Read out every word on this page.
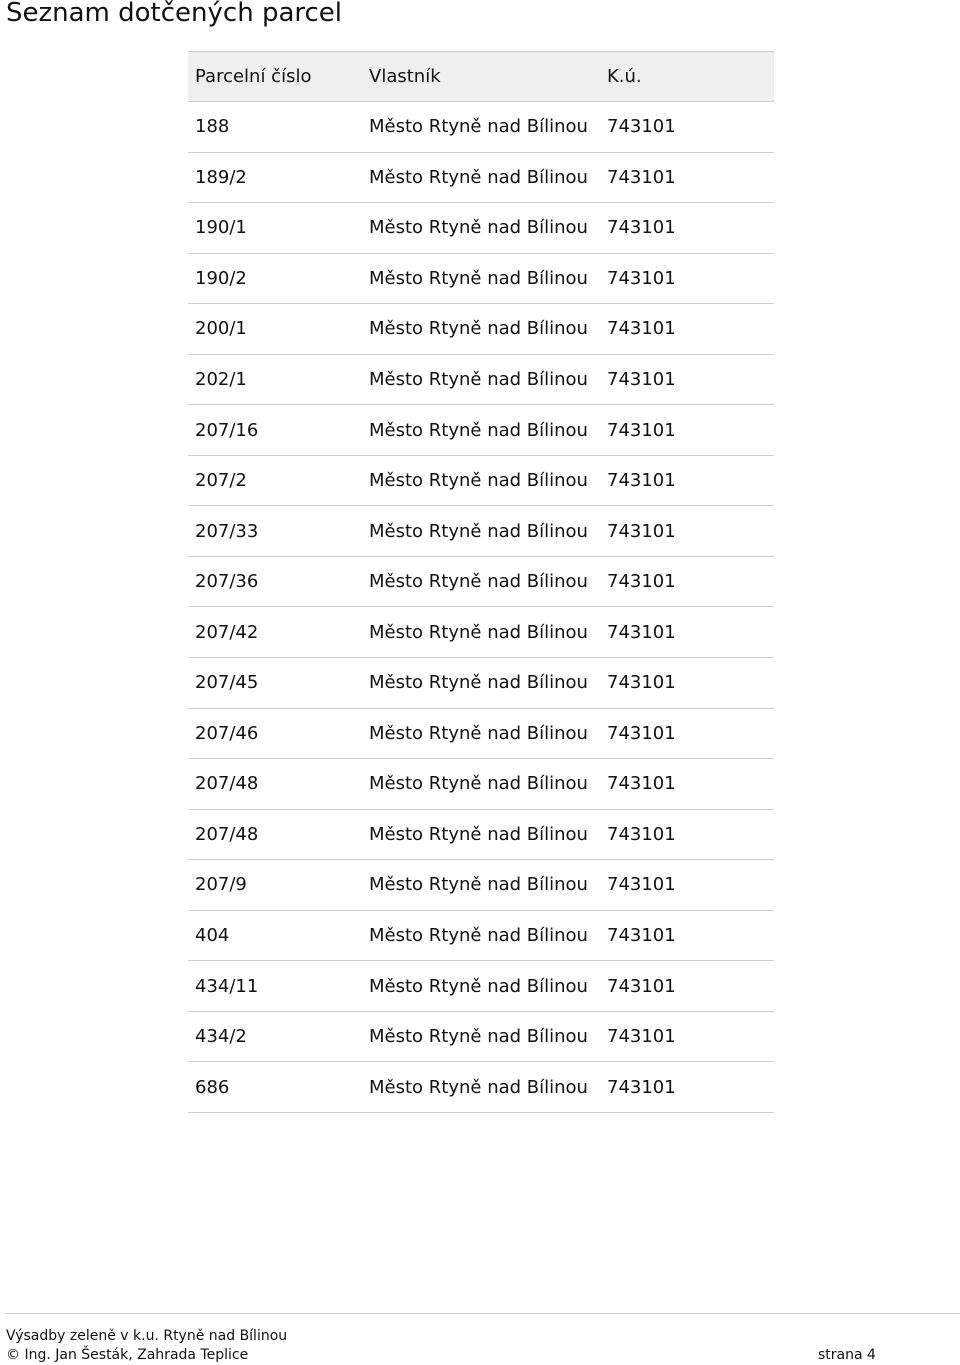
Seznam dotčených parcel
Parcelní číslo	Vlastník	K.ú.
188	Město Rtyně nad Bílinou	743101
189/2	Město Rtyně nad Bílinou	743101
190/1	Město Rtyně nad Bílinou	743101
190/2	Město Rtyně nad Bílinou	743101
200/1	Město Rtyně nad Bílinou	743101
202/1	Město Rtyně nad Bílinou	743101
207/16	Město Rtyně nad Bílinou	743101
207/2	Město Rtyně nad Bílinou	743101
207/33	Město Rtyně nad Bílinou	743101
207/36	Město Rtyně nad Bílinou	743101
207/42	Město Rtyně nad Bílinou	743101
207/45	Město Rtyně nad Bílinou	743101
207/46	Město Rtyně nad Bílinou	743101
207/48	Město Rtyně nad Bílinou	743101
207/48	Město Rtyně nad Bílinou	743101
207/9	Město Rtyně nad Bílinou	743101
404	Město Rtyně nad Bílinou	743101
434/11	Město Rtyně nad Bílinou	743101
434/2	Město Rtyně nad Bílinou	743101
686	Město Rtyně nad Bílinou	743101
Výsadby zeleně v k.u. Rtyně nad Bílinou
© Ing. Jan Šesták, Zahrada Teplice	strana 4
